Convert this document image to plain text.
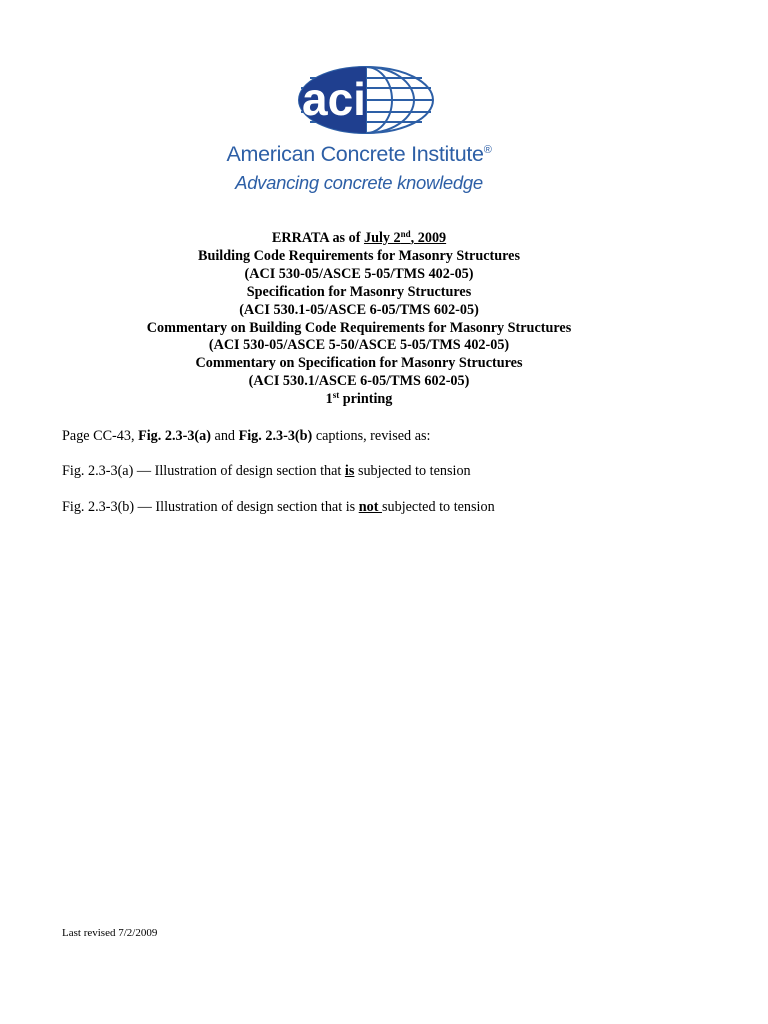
aci
American Concrete Institute®
Advancing concrete knowledge
ERRATA as of July 2nd, 2009
Building Code Requirements for Masonry Structures
(ACI 530-05/ASCE 5-05/TMS 402-05)
Specification for Masonry Structures
(ACI 530.1-05/ASCE 6-05/TMS 602-05)
Commentary on Building Code Requirements for Masonry Structures
(ACI 530-05/ASCE 5-50/ASCE 5-05/TMS 402-05)
Commentary on Specification for Masonry Structures
(ACI 530.1/ASCE 6-05/TMS 602-05)
1st printing
Page CC-43, Fig. 2.3-3(a) and Fig. 2.3-3(b) captions, revised as:
Fig. 2.3-3(a) — Illustration of design section that is subjected to tension
Fig. 2.3-3(b) — Illustration of design section that is not subjected to tension
Last revised 7/2/2009
